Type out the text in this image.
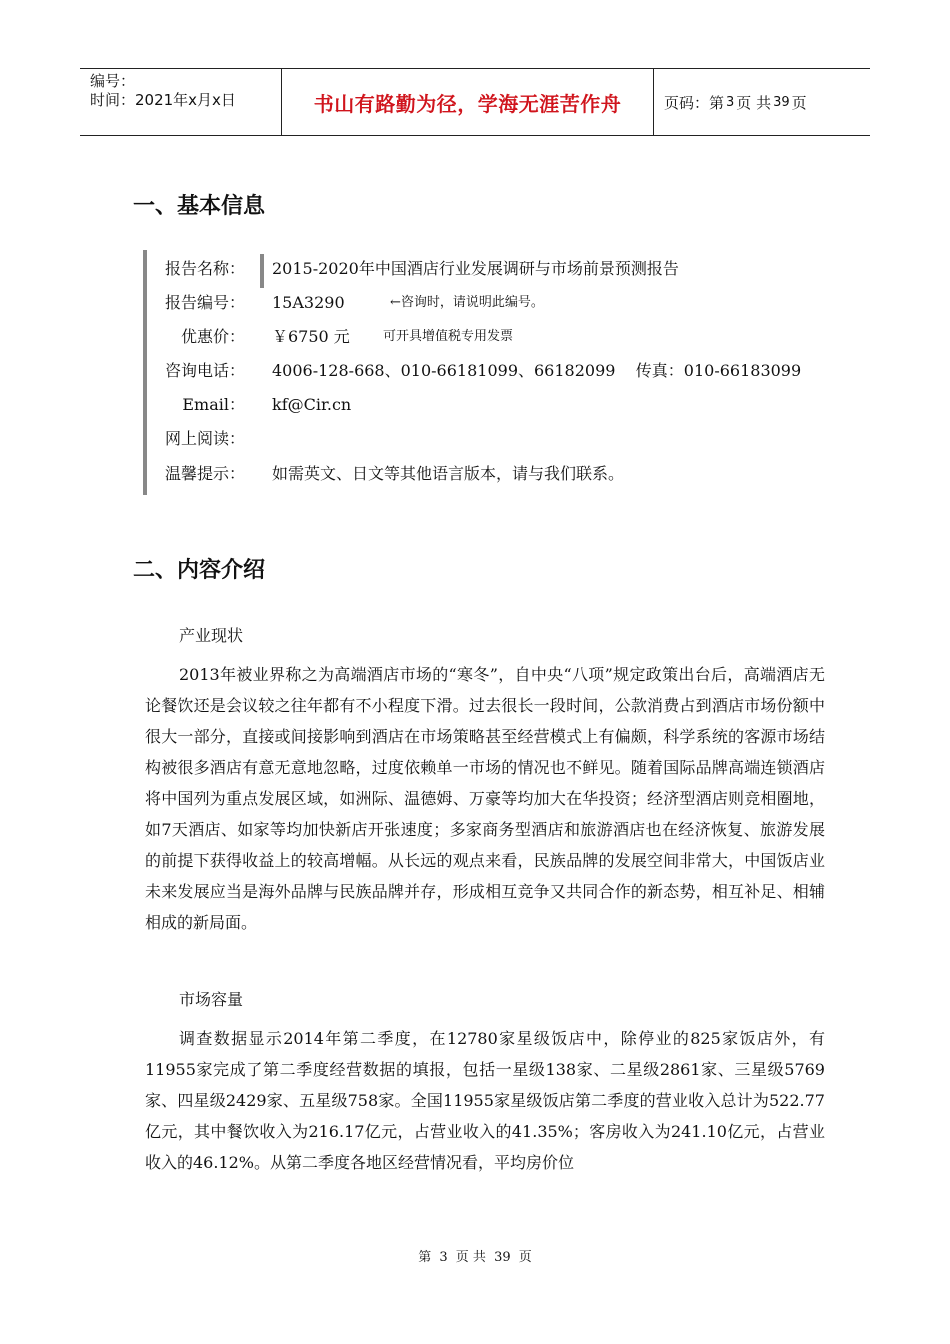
编号：
时间：2021年x月x日	书山有路勤为径，学海无涯苦作舟	页码：第 3 页 共 39 页
一、基本信息
报告名称： 2015-2020年中国酒店行业发展调研与市场前景预测报告
报告编号： 15A3290	←咨询时，请说明此编号。
优惠价： ￥6750 元	可开具增值税专用发票
咨询电话： 4006-128-668、010-66181099、66182099    传真：010-66183099
Email： kf@Cir.cn
网上阅读：
温馨提示： 如需英文、日文等其他语言版本，请与我们联系。
二、内容介绍
产业现状

2013年被业界称之为高端酒店市场的“寒冬”，自中央“八项”规定政策出台后，高端酒店无论餐饮还是会议较之往年都有不小程度下滑。过去很长一段时间，公款消费占到酒店市场份额中很大一部分，直接或间接影响到酒店在市场策略甚至经营模式上有偏颇，科学系统的客源市场结构被很多酒店有意无意地忽略，过度依赖单一市场的情况也不鲜见。随着国际品牌高端连锁酒店将中国列为重点发展区域，如洲际、温德姆、万豪等均加大在华投资；经济型酒店则竞相圈地，如7天酒店、如家等均加快新店开张速度；多家商务型酒店和旅游酒店也在经济恢复、旅游发展的前提下获得收益上的较高增幅。从长远的观点来看，民族品牌的发展空间非常大，中国饭店业未来发展应当是海外品牌与民族品牌并存，形成相互竞争又共同合作的新态势，相互补足、相辅相成的新局面。

市场容量

调查数据显示2014年第二季度，在12780家星级饭店中，除停业的825家饭店外，有11955家完成了第二季度经营数据的填报，包括一星级138家、二星级2861家、三星级5769家、四星级2429家、五星级758家。全国11955家星级饭店第二季度的营业收入总计为522.77亿元，其中餐饮收入为216.17亿元，占营业收入的41.35%；客房收入为241.10亿元，占营业收入的46.12%。从第二季度各地区经营情况看，平均房价位

第 3 页 共 39 页
